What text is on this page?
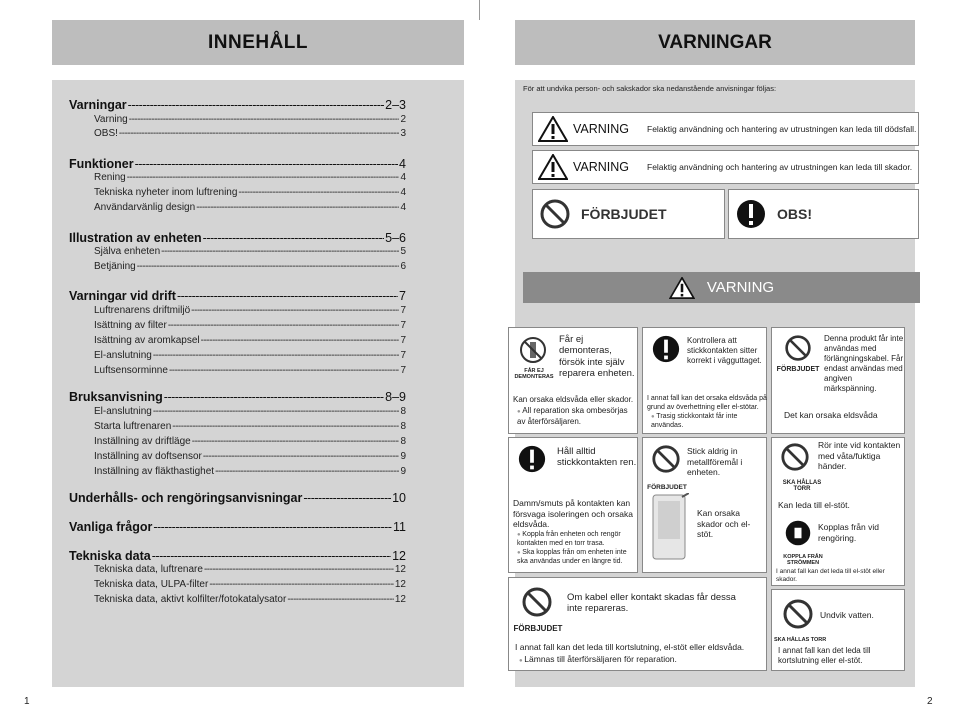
INNEHÅLL
Varningar -----	2–3
Varning -----	2
OBS! -----	3
Funktioner -----	4
Rening -----	4
Tekniska nyheter inom luftrening -----	4
Användarvänlig design -----	4
Illustration av enheten -----	5–6
Själva enheten -----	5
Betjäning -----	6
Varningar vid drift -----	7
Luftrenarens driftmiljö -----	7
Isättning av filter -----	7
Isättning av aromkapsel -----	7
El-anslutning -----	7
Luftsensorminne -----	7
Bruksanvisning -----	8–9
El-anslutning -----	8
Starta luftrenaren -----	8
Inställning av driftläge -----	8
Inställning av doftsensor -----	9
Inställning av fläkthastighet -----	9
Underhålls- och rengöringsanvisningar -----	10
Vanliga frågor -----	11
Tekniska data -----	12
Tekniska data, luftrenare -----	12
Tekniska data, ULPA-filter -----	12
Tekniska data, aktivt kolfilter/fotokatalysator -----	12
1
VARNINGAR
För att undvika person- och sakskador ska nedanstående anvisningar följas:
VARNING	Felaktig användning och hantering av utrustningen kan leda till dödsfall.
VARNING	Felaktig användning och hantering av utrustningen kan leda till skador.
FÖRBJUDET	OBS!
VARNING
FÅR EJ DEMONTERAS
Får ej demonteras, försök inte själv reparera enheten.
Kan orsaka eldsvåda eller skador.
● All reparation ska ombesörjas av återförsäljaren.
Kontrollera att stickkontakten sitter korrekt i vägguttaget.
I annat fall kan det orsaka eldsvåda på grund av överhettning eller el-stötar.
● Trasig stickkontakt får inte användas.
FÖRBJUDET
Denna produkt får inte användas med förlängningskabel. Får endast användas med angiven märkspänning.
Det kan orsaka eldsvåda
Håll alltid stickkontakten ren.
Damm/smuts på kontakten kan försvaga isoleringen och orsaka eldsvåda.
● Koppla från enheten och rengör kontakten med en torr trasa.
● Ska kopplas från om enheten inte ska användas under en längre tid.
FÖRBJUDET
Stick aldrig in metallföremål i enheten.
Kan orsaka skador och el-stöt.
SKA HÅLLAS TORR
Rör inte vid kontakten med våta/fuktiga händer.
Kan leda till el-stöt.
Kopplas från vid rengöring.
KOPPLA FRÅN STRÖMMEN
I annat fall kan det leda till el-stöt eller skador.
FÖRBJUDET
Om kabel eller kontakt skadas får dessa inte repareras.
I annat fall kan det leda till kortslutning, el-stöt eller eldsvåda.
● Lämnas till återförsäljaren för reparation.
Undvik vatten.
SKA HÅLLAS TORR
I annat fall kan det leda till kortslutning eller el-stöt.
2
